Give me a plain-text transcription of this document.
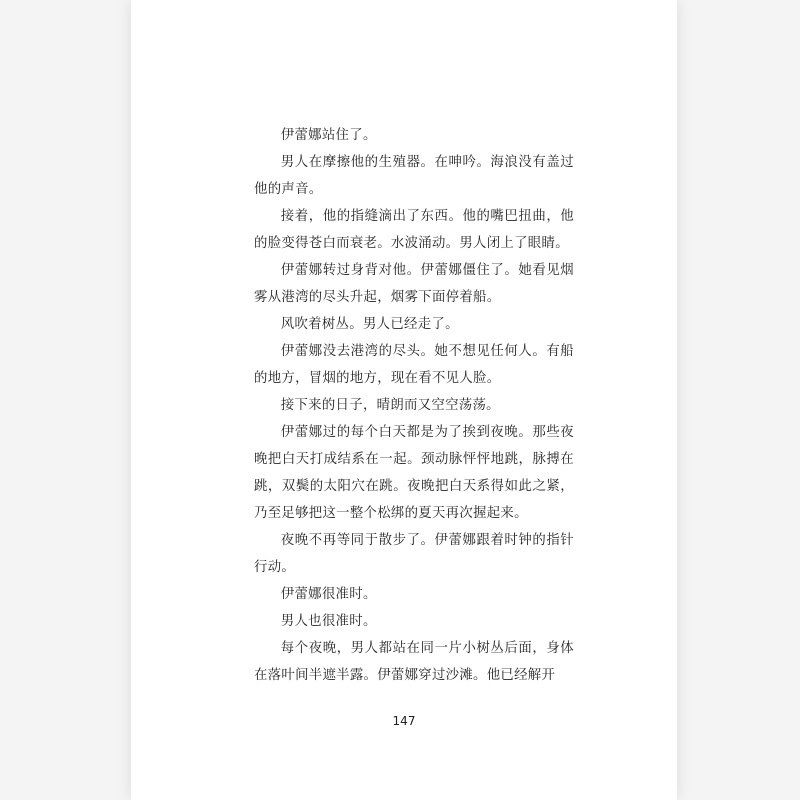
伊蕾娜站住了。

男人在摩擦他的生殖器。在呻吟。海浪没有盖过他的声音。

接着，他的指缝滴出了东西。他的嘴巴扭曲，他的脸变得苍白而衰老。水波涌动。男人闭上了眼睛。

伊蕾娜转过身背对他。伊蕾娜僵住了。她看见烟雾从港湾的尽头升起，烟雾下面停着船。

风吹着树丛。男人已经走了。

伊蕾娜没去港湾的尽头。她不想见任何人。有船的地方，冒烟的地方，现在看不见人脸。

接下来的日子，晴朗而又空空荡荡。

伊蕾娜过的每个白天都是为了挨到夜晚。那些夜晚把白天打成结系在一起。颈动脉怦怦地跳，脉搏在跳，双鬓的太阳穴在跳。夜晚把白天系得如此之紧，乃至足够把这一整个松绑的夏天再次握起来。

夜晚不再等同于散步了。伊蕾娜跟着时钟的指针行动。

伊蕾娜很准时。

男人也很准时。

每个夜晚，男人都站在同一片小树丛后面，身体在落叶间半遮半露。伊蕾娜穿过沙滩。他已经解开

147
